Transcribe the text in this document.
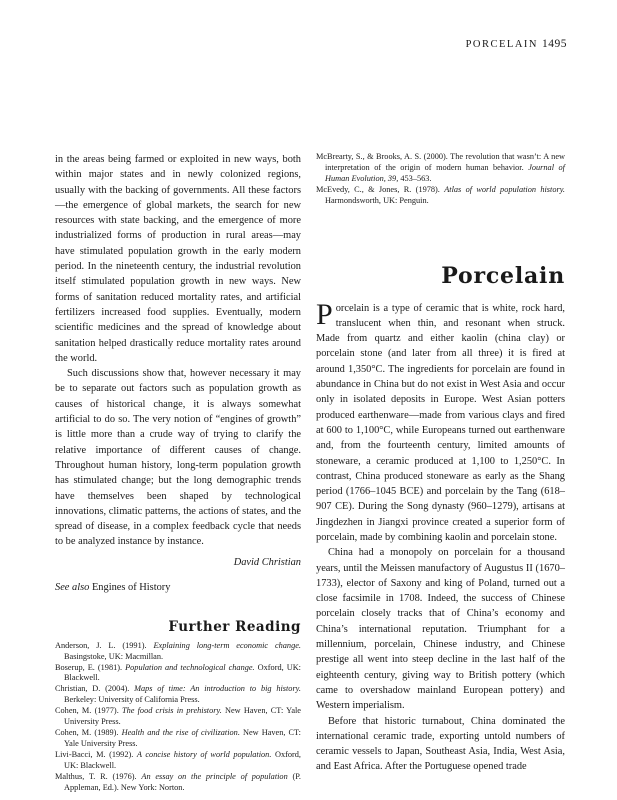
PORCELAIN 1495

in the areas being farmed or exploited in new ways, both within major states and in newly colonized regions, usually with the backing of governments. All these factors—the emergence of global markets, the search for new resources with state backing, and the emergence of more industrialized forms of production in rural areas—may have stimulated population growth in the early modern period. In the nineteenth century, the industrial revolution itself stimulated population growth in new ways. New forms of sanitation reduced mortality rates, and artificial fertilizers increased food supplies. Eventually, modern scientific medicines and the spread of knowledge about sanitation helped drastically reduce mortality rates around the world.

Such discussions show that, however necessary it may be to separate out factors such as population growth as causes of historical change, it is always somewhat artificial to do so. The very notion of “engines of growth” is little more than a crude way of trying to clarify the relative importance of different causes of change. Throughout human history, long-term population growth has stimulated change; but the long demographic trends have themselves been shaped by technological innovations, climatic patterns, the actions of states, and the spread of disease, in a complex feedback cycle that needs to be analyzed instance by instance.

David Christian

See also Engines of History

Further Reading

Anderson, J. L. (1991). Explaining long-term economic change. Basingstoke, UK: Macmillan.

Boserup, E. (1981). Population and technological change. Oxford, UK: Blackwell.

Christian, D. (2004). Maps of time: An introduction to big history. Berkeley: University of California Press.

Cohen, M. (1977). The food crisis in prehistory. New Haven, CT: Yale University Press.

Cohen, M. (1989). Health and the rise of civilization. New Haven, CT: Yale University Press.

Livi-Bacci, M. (1992). A concise history of world population. Oxford, UK: Blackwell.

Malthus, T. R. (1976). An essay on the principle of population (P. Appleman, Ed.). New York: Norton.

McBrearty, S., & Brooks, A. S. (2000). The revolution that wasn’t: A new interpretation of the origin of modern human behavior. Journal of Human Evolution, 39, 453–563.

McEvedy, C., & Jones, R. (1978). Atlas of world population history. Harmondsworth, UK: Penguin.

Porcelain

Porcelain is a type of ceramic that is white, rock hard, translucent when thin, and resonant when struck. Made from quartz and either kaolin (china clay) or porcelain stone (and later from all three) it is fired at around 1,350°C. The ingredients for porcelain are found in abundance in China but do not exist in West Asia and occur only in isolated deposits in Europe. West Asian potters produced earthenware—made from various clays and fired at 600 to 1,100°C, while Europeans turned out earthenware and, from the fourteenth century, limited amounts of stoneware, a ceramic produced at 1,100 to 1,250°C. In contrast, China produced stoneware as early as the Shang period (1766–1045 BCE) and porcelain by the Tang (618–907 CE). During the Song dynasty (960–1279), artisans at Jingdezhen in Jiangxi province created a superior form of porcelain, made by combining kaolin and porcelain stone.

China had a monopoly on porcelain for a thousand years, until the Meissen manufactory of Augustus II (1670–1733), elector of Saxony and king of Poland, turned out a close facsimile in 1708. Indeed, the success of Chinese porcelain closely tracks that of China’s economy and China’s international reputation. Triumphant for a millennium, porcelain, Chinese industry, and Chinese prestige all went into steep decline in the last half of the eighteenth century, giving way to British pottery (which came to overshadow mainland European pottery) and Western imperialism.

Before that historic turnabout, China dominated the international ceramic trade, exporting untold numbers of ceramic vessels to Japan, Southeast Asia, India, West Asia, and East Africa. After the Portuguese opened trade
